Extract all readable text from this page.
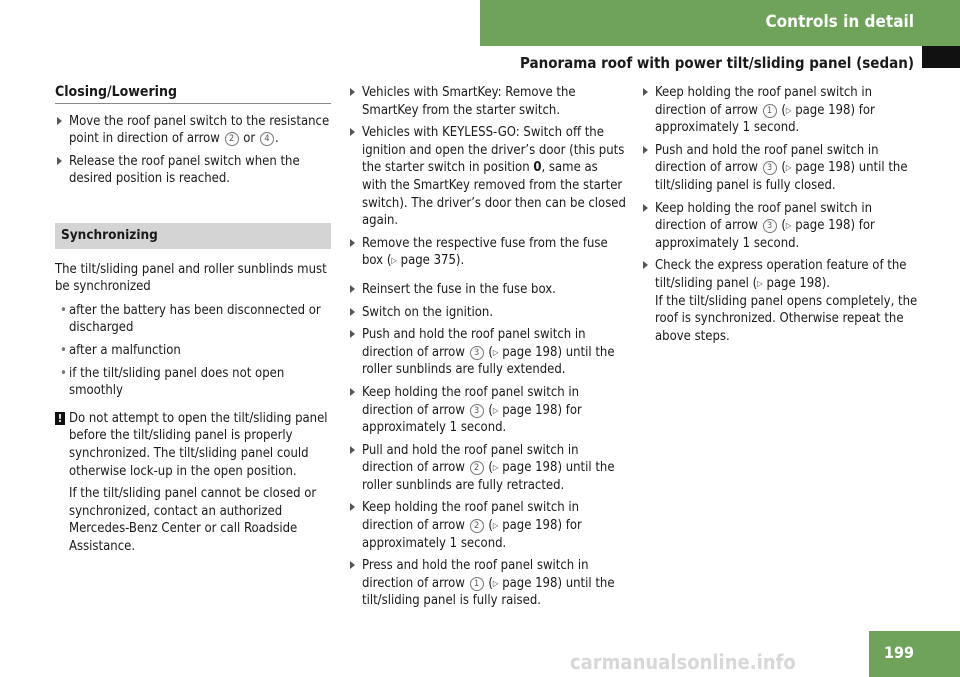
Controls in detail
Panorama roof with power tilt/sliding panel (sedan)
Closing/Lowering
Move the roof panel switch to the resistance point in direction of arrow 2 or 4 .
Release the roof panel switch when the desired position is reached.
Synchronizing
The tilt/sliding panel and roller sunblinds must be synchronized
• after the battery has been disconnected or discharged
• after a malfunction
• if the tilt/sliding panel does not open smoothly
! Do not attempt to open the tilt/sliding panel before the tilt/sliding panel is properly synchronized. The tilt/sliding panel could otherwise lock-up in the open position.
If the tilt/sliding panel cannot be closed or synchronized, contact an authorized Mercedes-Benz Center or call Roadside Assistance.
Vehicles with SmartKey: Remove the SmartKey from the starter switch.
Vehicles with KEYLESS-GO: Switch off the ignition and open the driver’s door (this puts the starter switch in position 0, same as with the SmartKey removed from the starter switch). The driver’s door then can be closed again.
Remove the respective fuse from the fuse box (▷ page 375).
Reinsert the fuse in the fuse box.
Switch on the ignition.
Push and hold the roof panel switch in direction of arrow 3 (▷ page 198) until the roller sunblinds are fully extended.
Keep holding the roof panel switch in direction of arrow 3 (▷ page 198) for approximately 1 second.
Pull and hold the roof panel switch in direction of arrow 2 (▷ page 198) until the roller sunblinds are fully retracted.
Keep holding the roof panel switch in direction of arrow 2 (▷ page 198) for approximately 1 second.
Press and hold the roof panel switch in direction of arrow 1 (▷ page 198) until the tilt/sliding panel is fully raised.
Keep holding the roof panel switch in direction of arrow 1 (▷ page 198) for approximately 1 second.
Push and hold the roof panel switch in direction of arrow 3 (▷ page 198) until the tilt/sliding panel is fully closed.
Keep holding the roof panel switch in direction of arrow 3 (▷ page 198) for approximately 1 second.
Check the express operation feature of the tilt/sliding panel (▷ page 198).
If the tilt/sliding panel opens completely, the roof is synchronized. Otherwise repeat the above steps.
199
carmanualsonline.info
